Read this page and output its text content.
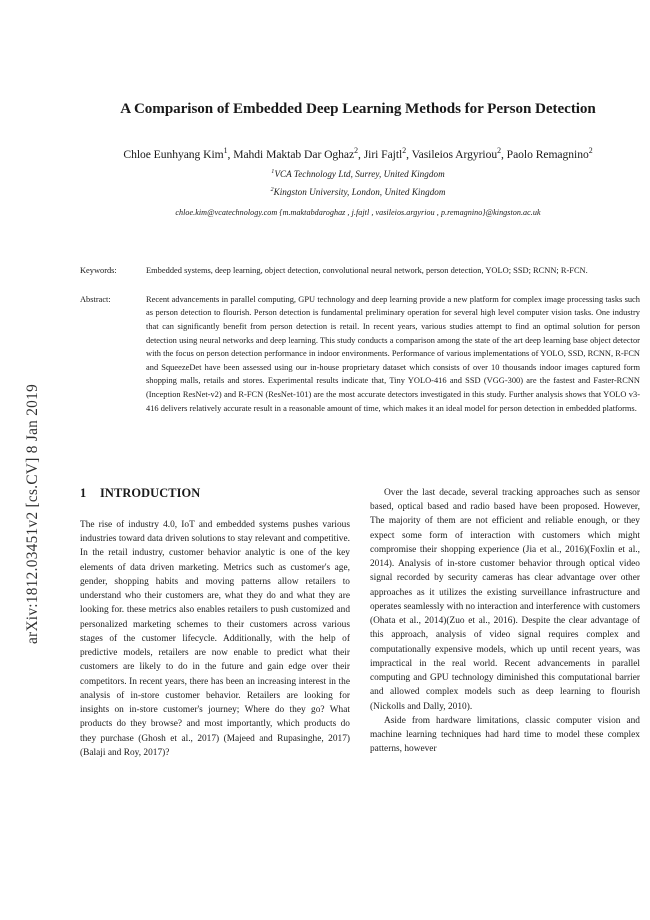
arXiv:1812.03451v2 [cs.CV] 8 Jan 2019
A Comparison of Embedded Deep Learning Methods for Person Detection
Chloe Eunhyang Kim$^1$, Mahdi Maktab Dar Oghaz$^2$, Jiri Fajtl$^2$, Vasileios Argyriou$^2$, Paolo Remagnino$^2$
$^1$VCA Technology Ltd, Surrey, United Kingdom
$^2$Kingston University, London, United Kingdom
chloe.kim@vcatechnology.com {m.maktabdaroghaz , j.fajtl , vasileios.argyriou , p.remagnino}@kingston.ac.uk
Keywords:	Embedded systems, deep learning, object detection, convolutional neural network, person detection, YOLO; SSD; RCNN; R-FCN.
Abstract:	Recent advancements in parallel computing, GPU technology and deep learning provide a new platform for complex image processing tasks such as person detection to flourish. Person detection is fundamental preliminary operation for several high level computer vision tasks. One industry that can significantly benefit from person detection is retail. In recent years, various studies attempt to find an optimal solution for person detection using neural networks and deep learning. This study conducts a comparison among the state of the art deep learning base object detector with the focus on person detection performance in indoor environments. Performance of various implementations of YOLO, SSD, RCNN, R-FCN and SqueezeDet have been assessed using our in-house proprietary dataset which consists of over 10 thousands indoor images captured form shopping malls, retails and stores. Experimental results indicate that, Tiny YOLO-416 and SSD (VGG-300) are the fastest and Faster-RCNN (Inception ResNet-v2) and R-FCN (ResNet-101) are the most accurate detectors investigated in this study. Further analysis shows that YOLO v3-416 delivers relatively accurate result in a reasonable amount of time, which makes it an ideal model for person detection in embedded platforms.
1 INTRODUCTION

The rise of industry 4.0, IoT and embedded systems pushes various industries toward data driven solutions to stay relevant and competitive. In the retail industry, customer behavior analytic is one of the key elements of data driven marketing. Metrics such as customer's age, gender, shopping habits and moving patterns allow retailers to understand who their customers are, what they do and what they are looking for. these metrics also enables retailers to push customized and personalized marketing schemes to their customers across various stages of the customer lifecycle. Additionally, with the help of predictive models, retailers are now enable to predict what their customers are likely to do in the future and gain edge over their competitors. In recent years, there has been an increasing interest in the analysis of in-store customer behavior. Retailers are looking for insights on in-store customer's journey; Where do they go? What products do they browse? and most importantly, which products do they purchase (Ghosh et al., 2017) (Majeed and Rupasinghe, 2017) (Balaji and Roy, 2017)?

Over the last decade, several tracking approaches such as sensor based, optical based and radio based have been proposed. However, The majority of them are not efficient and reliable enough, or they expect some form of interaction with customers which might compromise their shopping experience (Jia et al., 2016)(Foxlin et al., 2014). Analysis of in-store customer behavior through optical video signal recorded by security cameras has clear advantage over other approaches as it utilizes the existing surveillance infrastructure and operates seamlessly with no interaction and interference with customers (Ohata et al., 2014)(Zuo et al., 2016). Despite the clear advantage of this approach, analysis of video signal requires complex and computationally expensive models, which up until recent years, was impractical in the real world. Recent advancements in parallel computing and GPU technology diminished this computational barrier and allowed complex models such as deep learning to flourish (Nickolls and Dally, 2010).

Aside from hardware limitations, classic computer vision and machine learning techniques had hard time to model these complex patterns, however
